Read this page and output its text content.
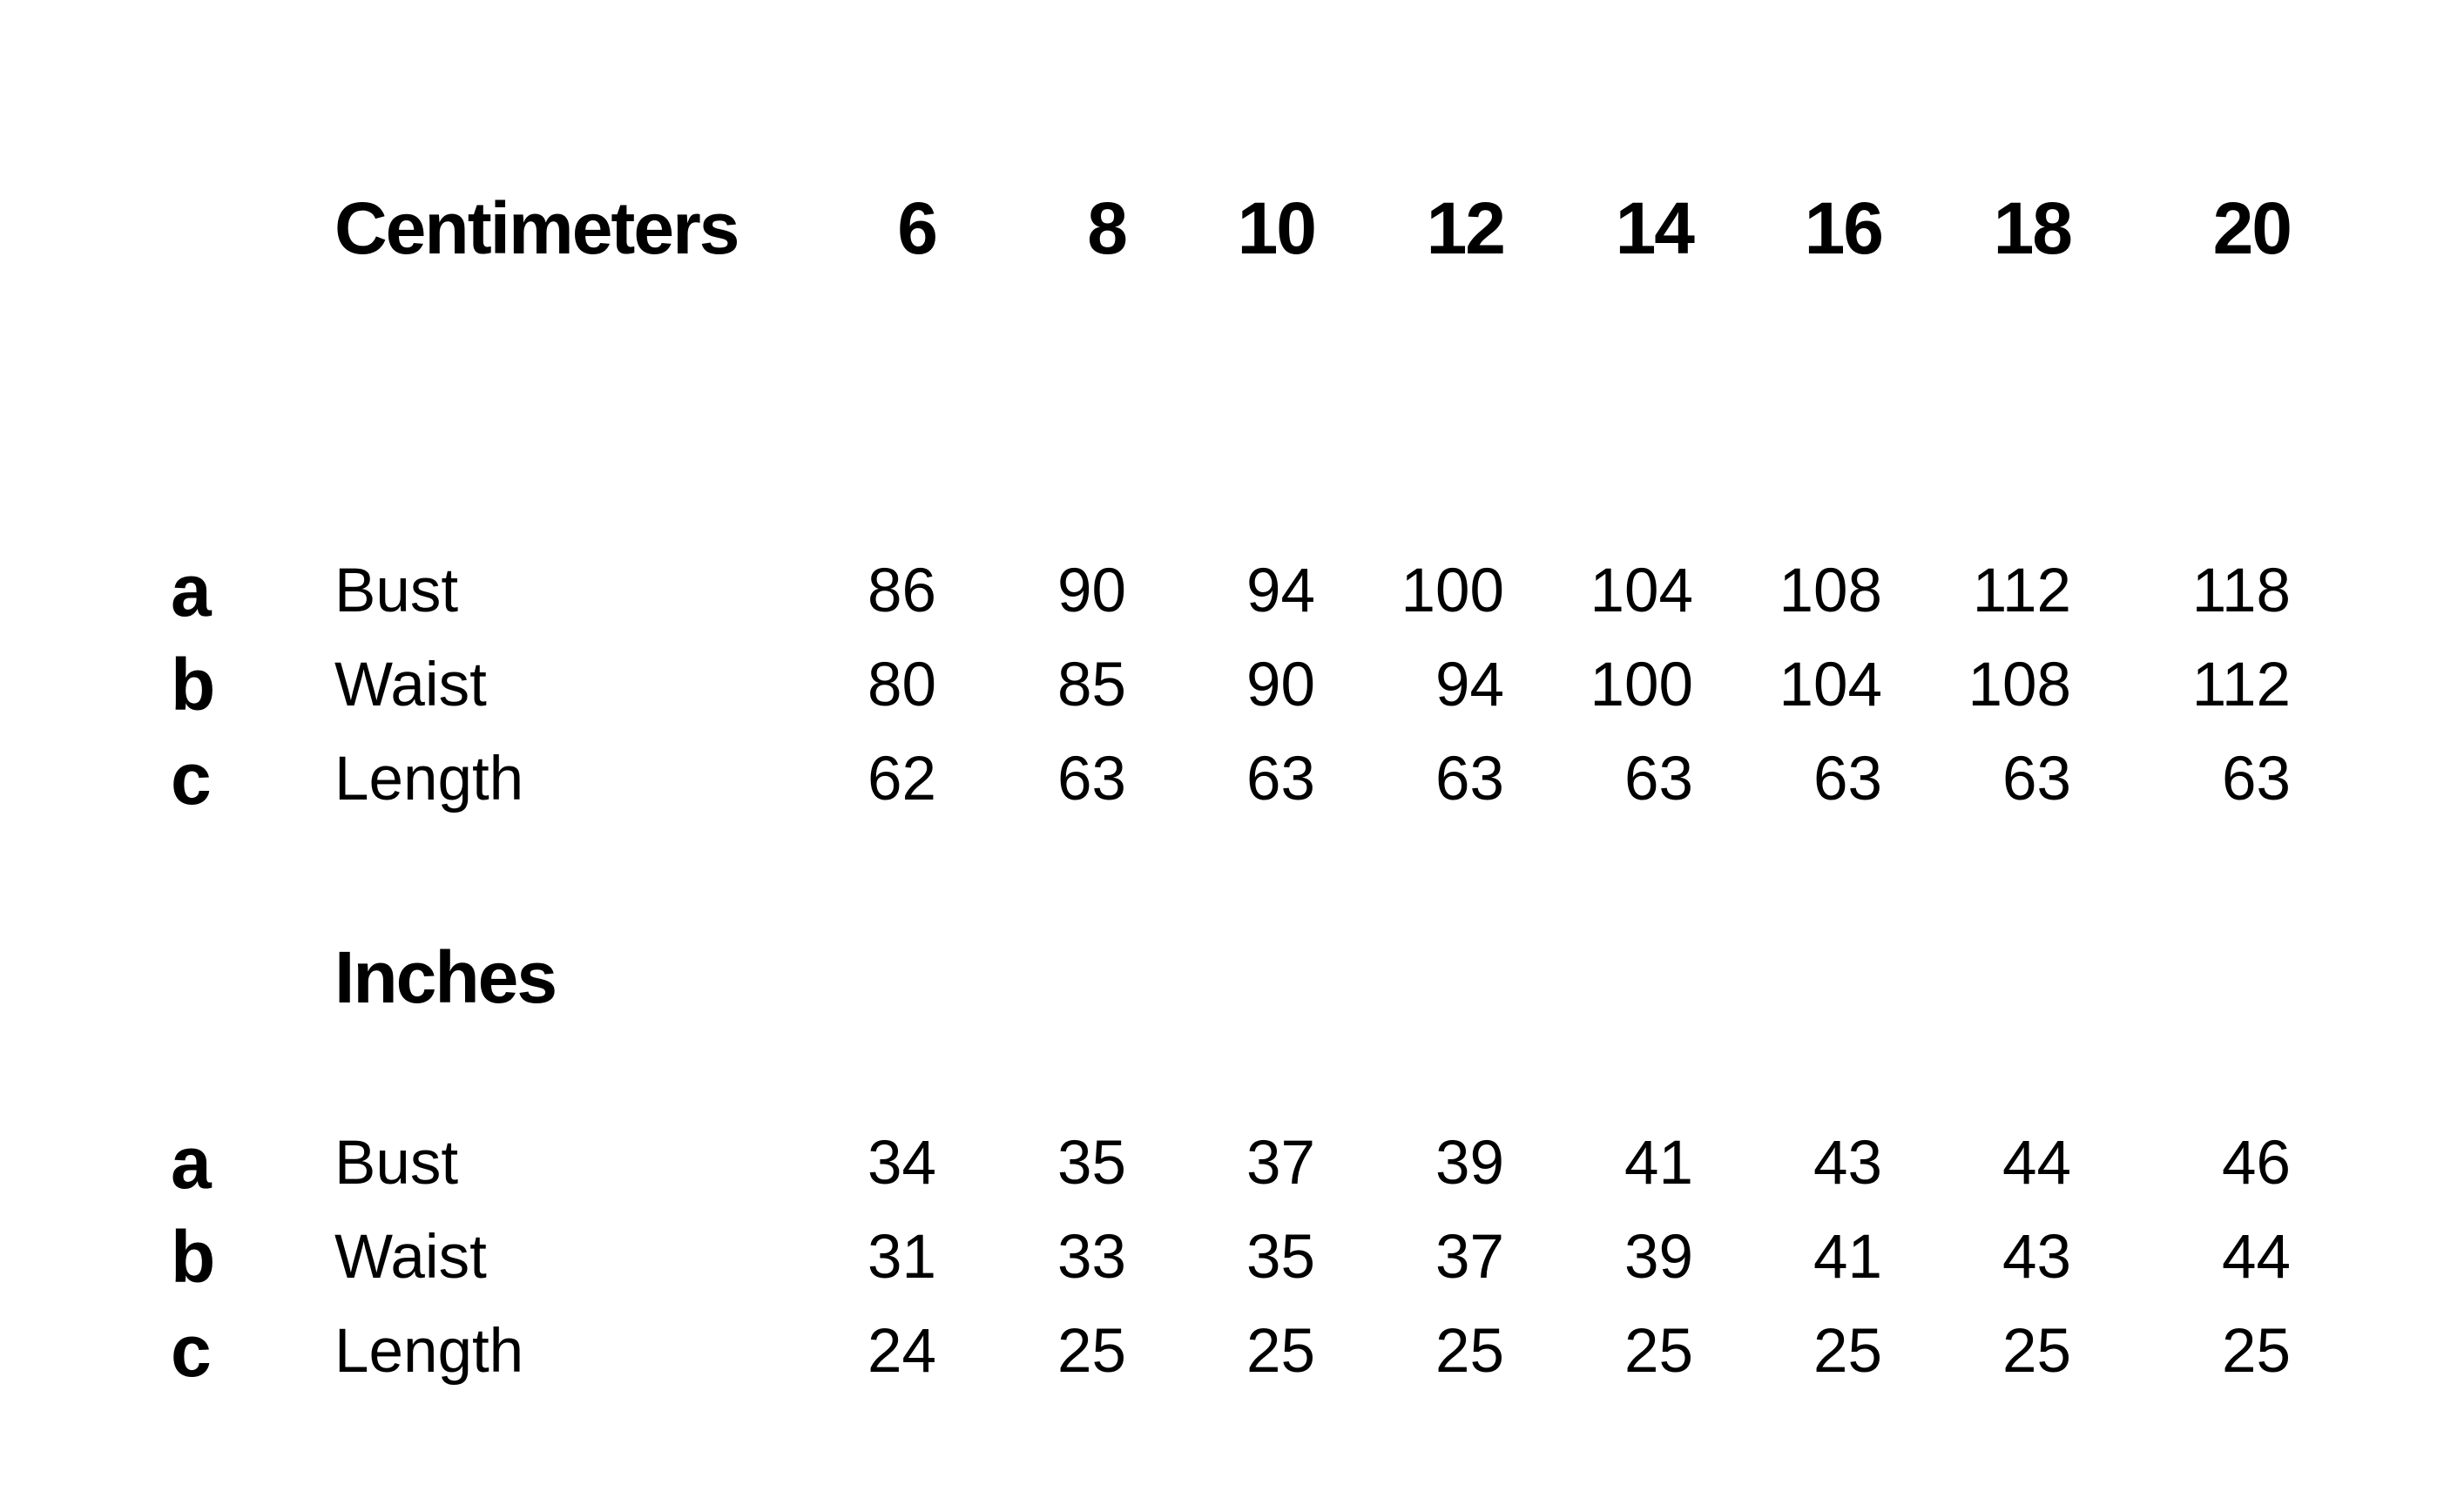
Centimeters	6	8	10	12	14	16	18	20
a	Bust	86	90	94	100	104	108	112	118
b	Waist	80	85	90	94	100	104	108	112
c	Length	62	63	63	63	63	63	63	63
Inches
a	Bust	34	35	37	39	41	43	44	46
b	Waist	31	33	35	37	39	41	43	44
c	Length	24	25	25	25	25	25	25	25
